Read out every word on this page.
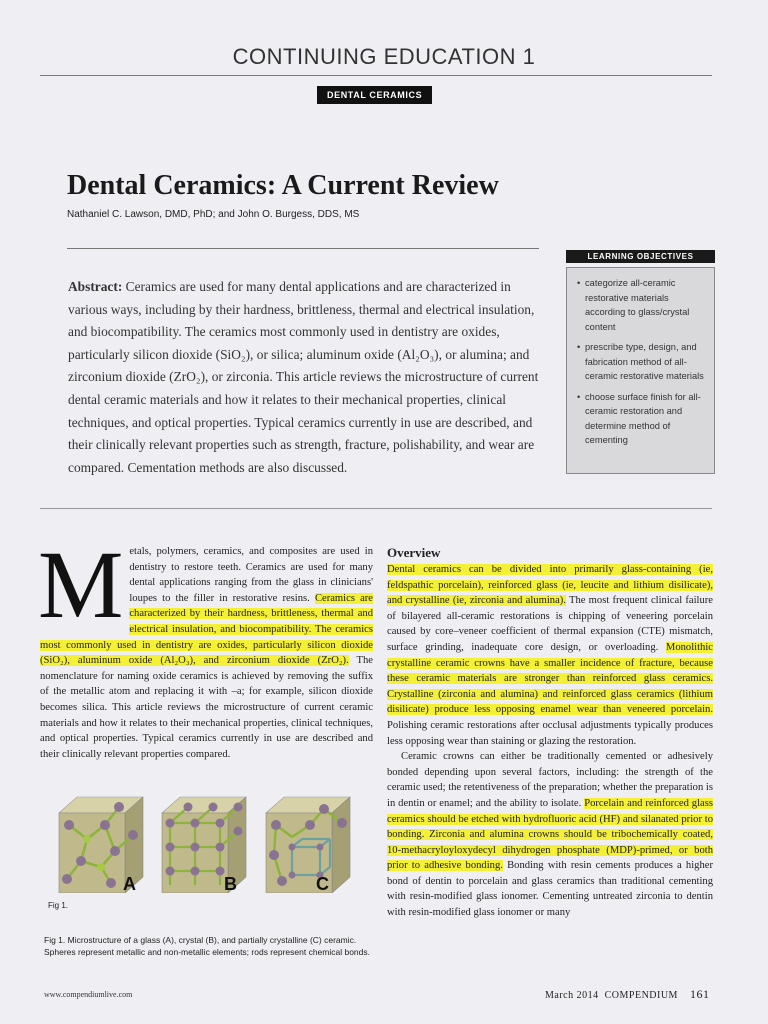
CONTINUING EDUCATION 1
DENTAL CERAMICS
Dental Ceramics: A Current Review
Nathaniel C. Lawson, DMD, PhD; and John O. Burgess, DDS, MS
Abstract: Ceramics are used for many dental applications and are characterized in various ways, including by their hardness, brittleness, thermal and electrical insulation, and biocompatibility. The ceramics most commonly used in dentistry are oxides, particularly silicon dioxide (SiO₂), or silica; aluminum oxide (Al₂O₃), or alumina; and zirconium dioxide (ZrO₂), or zirconia. This article reviews the microstructure of current dental ceramic materials and how it relates to their mechanical properties, clinical techniques, and optical properties. Typical ceramics currently in use are described, and their clinically relevant properties such as strength, fracture, polishability, and wear are compared. Cementation methods are also discussed.
LEARNING OBJECTIVES
• categorize all-ceramic restorative materials according to glass/crystal content
• prescribe type, design, and fabrication method of all-ceramic restorative materials
• choose surface finish for all-ceramic restoration and determine method of cementing
Metals, polymers, ceramics, and composites are used in dentistry to restore teeth. Ceramics are used for many dental applications ranging from the glass in clinicians' loupes to the filler in restorative resins. Ceramics are characterized by their hardness, brittleness, thermal and electrical insulation, and biocompatibility. The ceramics most commonly used in dentistry are oxides, particularly silicon dioxide (SiO₂), aluminum oxide (Al₂O₃), and zirconium dioxide (ZrO₂). The nomenclature for naming oxide ceramics is achieved by removing the suffix of the metallic atom and replacing it with –a; for example, silicon dioxide becomes silica. This article reviews the microstructure of current ceramic materials and how it relates to their mechanical properties, clinical techniques, and optical properties. Typical ceramics currently in use are described and their clinically relevant properties compared.
A	B	C
Fig 1.
Fig 1. Microstructure of a glass (A), crystal (B), and partially crystalline (C) ceramic. Spheres represent metallic and non-metallic elements; rods represent chemical bonds.
Overview

Dental ceramics can be divided into primarily glass-containing (ie, feldspathic porcelain), reinforced glass (ie, leucite and lithium disilicate), and crystalline (ie, zirconia and alumina). The most frequent clinical failure of bilayered all-ceramic restorations is chipping of veneering porcelain caused by core–veneer coefficient of thermal expansion (CTE) mismatch, surface grinding, inadequate core design, or overloading. Monolithic crystalline ceramic crowns have a smaller incidence of fracture, because these ceramic materials are stronger than reinforced glass ceramics. Crystalline (zirconia and alumina) and reinforced glass ceramics (lithium disilicate) produce less opposing enamel wear than veneered porcelain. Polishing ceramic restorations after occlusal adjustments typically produces less opposing wear than staining or glazing the restoration.

Ceramic crowns can either be traditionally cemented or adhesively bonded depending upon several factors, including: the strength of the ceramic used; the retentiveness of the preparation; whether the preparation is in dentin or enamel; and the ability to isolate. Porcelain and reinforced glass ceramics should be etched with hydrofluoric acid (HF) and silanated prior to bonding. Zirconia and alumina crowns should be tribochemically coated, 10-methacryloyloxydecyl dihydrogen phosphate (MDP)-primed, or both prior to adhesive bonding. Bonding with resin cements produces a higher bond of dentin to porcelain and glass ceramics than traditional cementing with resin-modified glass ionomer. Cementing untreated zirconia to dentin with resin-modified glass ionomer or many

www.compendiumlive.com	March 2014 COMPENDIUM 161
